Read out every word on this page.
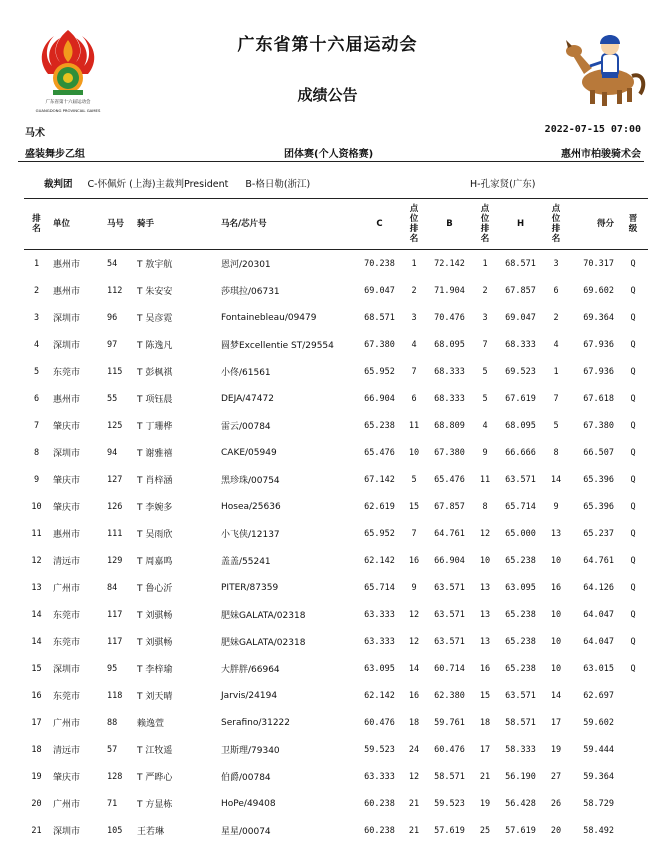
广东省第十六届运动会
GUANGDONG PROVINCIAL GAMES
广东省第十六届运动会
成绩公告
马术	2022-07-15 07:00
盛装舞步乙组	团体赛(个人资格赛)	惠州市柏骏骑术会
裁判团 C-怀佩炘 (上海)主裁判President B-格日勒(浙江)	H-孔家贤(广东)
排名	单位	马号	骑手	马名/芯片号	C	点位排名	B	点位排名	H	点位排名	得分	晋级
1	惠州市	54	T 敖宇航	恩河/20301	70.238	1	72.142	1	68.571	3	70.317	Q
2	惠州市	112	T 朱安安	莎琪拉/06731	69.047	2	71.904	2	67.857	6	69.602	Q
3	深圳市	96	T 吴彦霓	Fontainebleau/09479	68.571	3	70.476	3	69.047	2	69.364	Q
4	深圳市	97	T 陈逸凡	圆梦Excellentie ST/29554	67.380	4	68.095	7	68.333	4	67.936	Q
5	东莞市	115	T 彭枫祺	小佟/61561	65.952	7	68.333	5	69.523	1	67.936	Q
6	惠州市	55	T 项钰晨	DEJA/47472	66.904	6	68.333	5	67.619	7	67.618	Q
7	肇庆市	125	T 丁珊桦	雷云/00784	65.238	11	68.809	4	68.095	5	67.380	Q
8	深圳市	94	T 谢雅禧	CAKE/05949	65.476	10	67.380	9	66.666	8	66.507	Q
9	肇庆市	127	T 肖梓涵	黑珍珠/00754	67.142	5	65.476	11	63.571	14	65.396	Q
10	肇庆市	126	T 李婉多	Hosea/25636	62.619	15	67.857	8	65.714	9	65.396	Q
11	惠州市	111	T 吴雨欣	小飞侠/12137	65.952	7	64.761	12	65.000	13	65.237	Q
12	清远市	129	T 周嘉鸣	盖盖/55241	62.142	16	66.904	10	65.238	10	64.761	Q
13	广州市	84	T 鲁心沂	PITER/87359	65.714	9	63.571	13	63.095	16	64.126	Q
14	东莞市	117	T 刘骐畅	肥妹GALATA/02318	63.333	12	63.571	13	65.238	10	64.047	Q
14	东莞市	117	T 刘骐畅	肥妹GALATA/02318	63.333	12	63.571	13	65.238	10	64.047	Q
15	深圳市	95	T 李梓瑜	大胖胖/66964	63.095	14	60.714	16	65.238	10	63.015	Q
16	东莞市	118	T 刘天晴	Jarvis/24194	62.142	16	62.380	15	63.571	14	62.697	
17	广州市	88	赖逸萱	Serafino/31222	60.476	18	59.761	18	58.571	17	59.602	
18	清远市	57	T 江牧遥	卫斯理/79340	59.523	24	60.476	17	58.333	19	59.444	
19	肇庆市	128	T 严晔心	伯爵/00784	63.333	12	58.571	21	56.190	27	59.364	
20	广州市	71	T 方显栋	HoPe/49408	60.238	21	59.523	19	56.428	26	58.729	
21	深圳市	105	王若琳	星星/00074	60.238	21	57.619	25	57.619	20	58.492	
